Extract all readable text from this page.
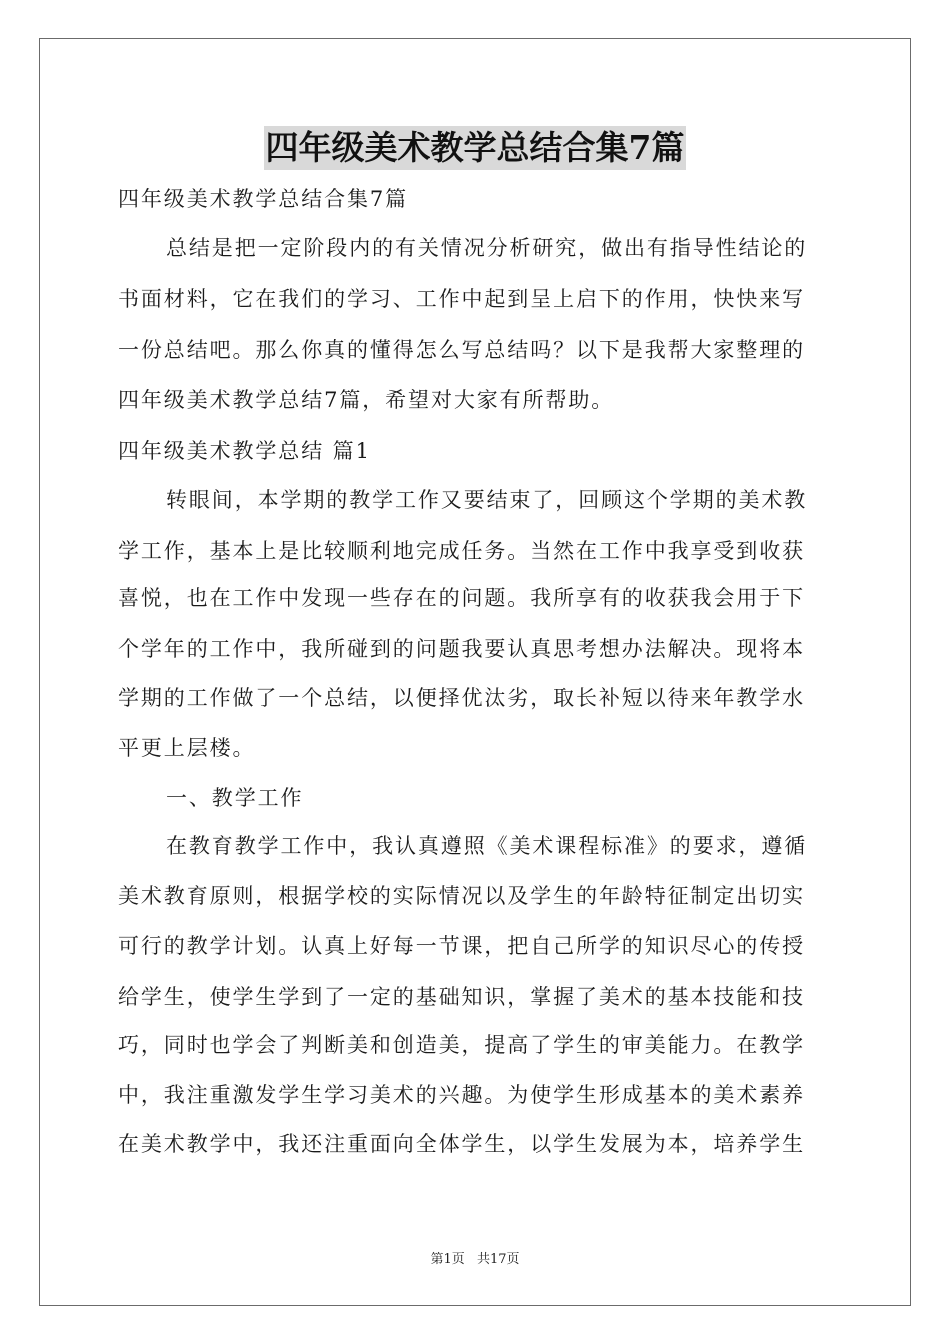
四年级美术教学总结合集7篇
四年级美术教学总结合集7篇
总结是把一定阶段内的有关情况分析研究，做出有指导性结论的
书面材料，它在我们的学习、工作中起到呈上启下的作用，快快来写
一份总结吧。那么你真的懂得怎么写总结吗？以下是我帮大家整理的
四年级美术教学总结7篇，希望对大家有所帮助。
四年级美术教学总结 篇1
转眼间，本学期的教学工作又要结束了，回顾这个学期的美术教
学工作，基本上是比较顺利地完成任务。当然在工作中我享受到收获
喜悦，也在工作中发现一些存在的问题。我所享有的收获我会用于下
个学年的工作中，我所碰到的问题我要认真思考想办法解决。现将本
学期的工作做了一个总结，以便择优汰劣，取长补短以待来年教学水
平更上层楼。
一、教学工作
在教育教学工作中，我认真遵照《美术课程标准》的要求，遵循
美术教育原则，根据学校的实际情况以及学生的年龄特征制定出切实
可行的教学计划。认真上好每一节课，把自己所学的知识尽心的传授
给学生，使学生学到了一定的基础知识，掌握了美术的基本技能和技
巧，同时也学会了判断美和创造美，提高了学生的审美能力。在教学
中，我注重激发学生学习美术的兴趣。为使学生形成基本的美术素养
在美术教学中，我还注重面向全体学生，以学生发展为本，培养学生
第1页 共17页
